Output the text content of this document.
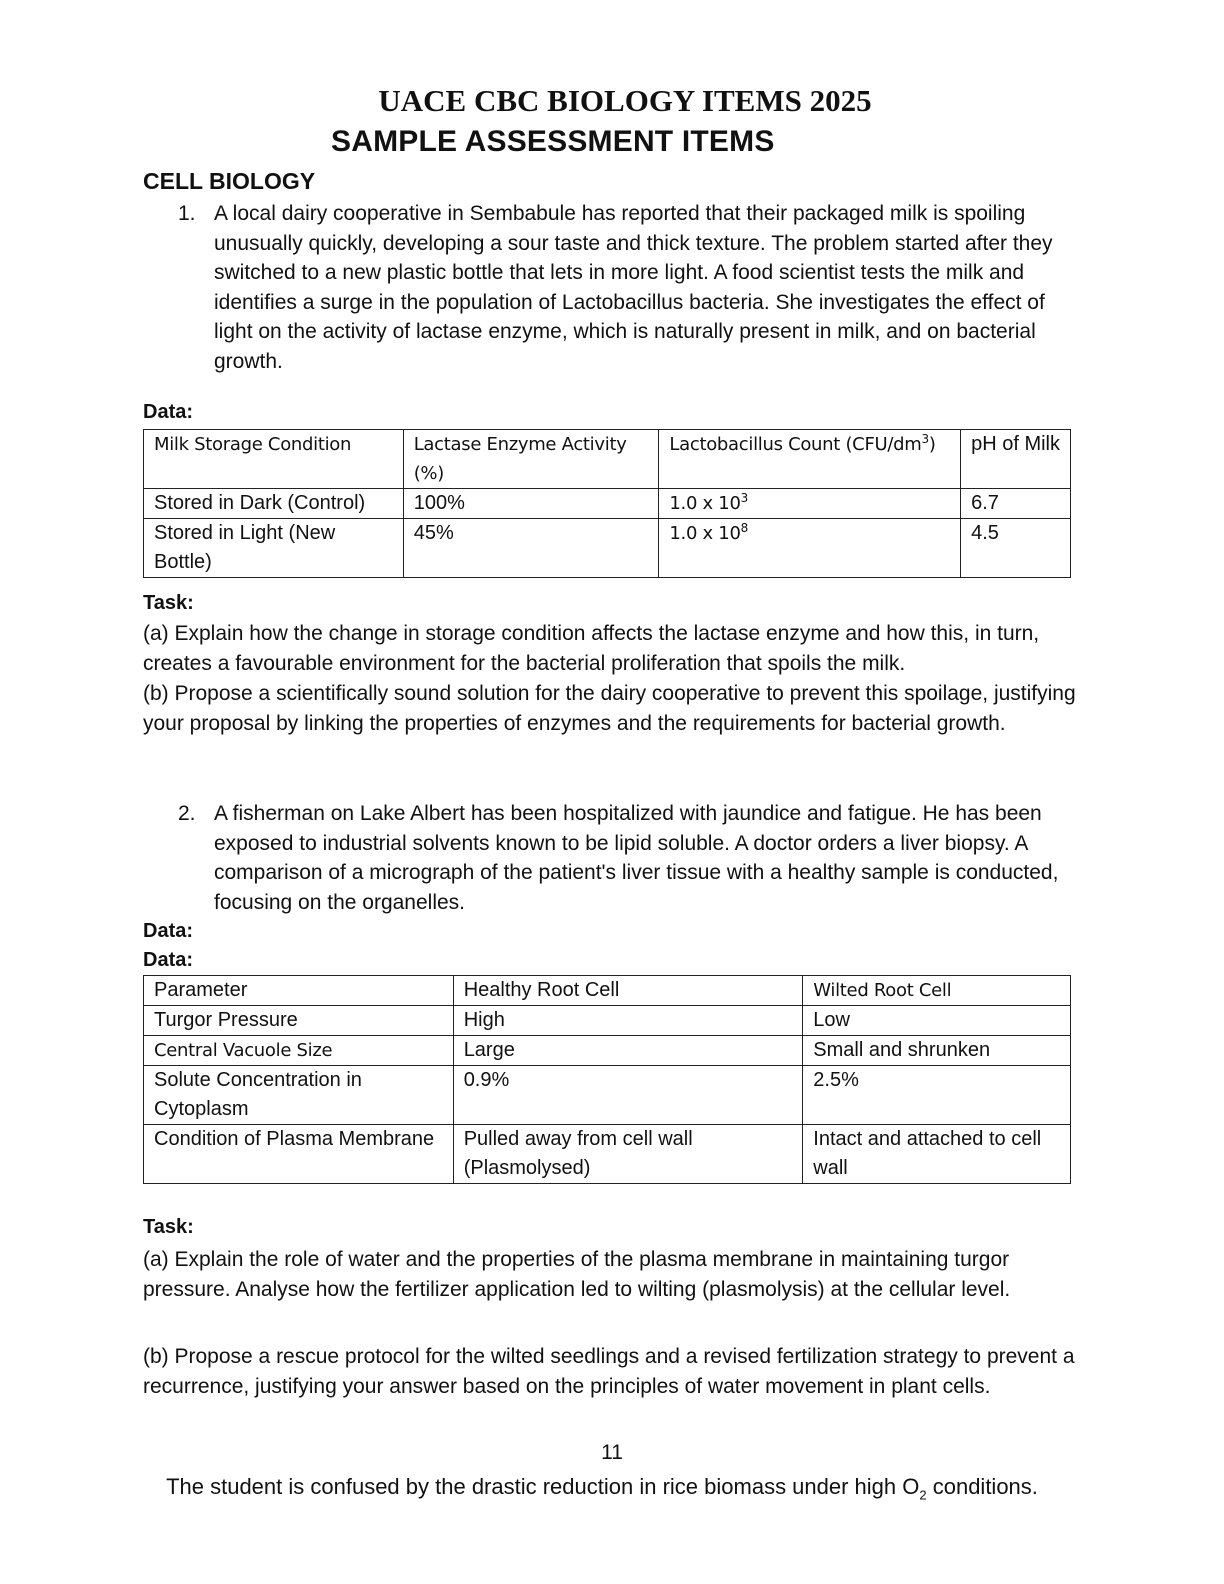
UACE CBC BIOLOGY ITEMS 2025
SAMPLE ASSESSMENT ITEMS
CELL BIOLOGY
1. A local dairy cooperative in Sembabule has reported that their packaged milk is spoiling unusually quickly, developing a sour taste and thick texture. The problem started after they switched to a new plastic bottle that lets in more light. A food scientist tests the milk and identifies a surge in the population of Lactobacillus bacteria. She investigates the effect of light on the activity of lactase enzyme, which is naturally present in milk, and on bacterial growth.
Data:
Milk Storage Condition	Lactase Enzyme Activity (%)	Lactobacillus Count $(CFU/dm^3)$	pH of Milk
Stored in Dark (Control)	100%	1.0 x $10^3$	6.7
Stored in Light (New Bottle)	45%	1.0 x $10^8$	4.5
Task:
(a) Explain how the change in storage condition affects the lactase enzyme and how this, in turn, creates a favourable environment for the bacterial proliferation that spoils the milk.
(b) Propose a scientifically sound solution for the dairy cooperative to prevent this spoilage, justifying your proposal by linking the properties of enzymes and the requirements for bacterial growth.
2. A fisherman on Lake Albert has been hospitalized with jaundice and fatigue. He has been exposed to industrial solvents known to be lipid soluble. A doctor orders a liver biopsy. A comparison of a micrograph of the patient's liver tissue with a healthy sample is conducted, focusing on the organelles.
Data:
Data:
Parameter	Healthy Root Cell	Wilted Root Cell
Turgor Pressure	High	Low
Central Vacuole Size	Large	Small and shrunken
Solute Concentration in Cytoplasm	0.9%	2.5%
Condition of Plasma Membrane	Pulled away from cell wall (Plasmolysed)	Intact and attached to cell wall
Task:
(a) Explain the role of water and the properties of the plasma membrane in maintaining turgor pressure. Analyse how the fertilizer application led to wilting (plasmolysis) at the cellular level.
(b) Propose a rescue protocol for the wilted seedlings and a revised fertilization strategy to prevent a recurrence, justifying your answer based on the principles of water movement in plant cells.
11
The student is confused by the drastic reduction in rice biomass under high $O_2$ conditions.
